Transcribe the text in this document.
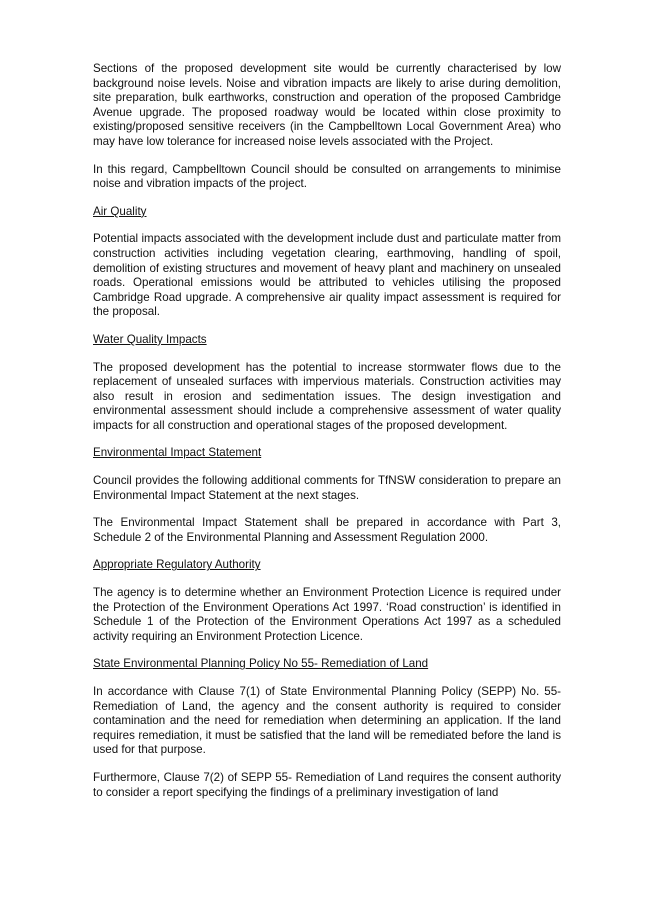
Sections of the proposed development site would be currently characterised by low background noise levels. Noise and vibration impacts are likely to arise during demolition, site preparation, bulk earthworks, construction and operation of the proposed Cambridge Avenue upgrade. The proposed roadway would be located within close proximity to existing/proposed sensitive receivers (in the Campbelltown Local Government Area) who may have low tolerance for increased noise levels associated with the Project.

In this regard, Campbelltown Council should be consulted on arrangements to minimise noise and vibration impacts of the project.

Air Quality

Potential impacts associated with the development include dust and particulate matter from construction activities including vegetation clearing, earthmoving, handling of spoil, demolition of existing structures and movement of heavy plant and machinery on unsealed roads. Operational emissions would be attributed to vehicles utilising the proposed Cambridge Road upgrade. A comprehensive air quality impact assessment is required for the proposal.

Water Quality Impacts

The proposed development has the potential to increase stormwater flows due to the replacement of unsealed surfaces with impervious materials. Construction activities may also result in erosion and sedimentation issues. The design investigation and environmental assessment should include a comprehensive assessment of water quality impacts for all construction and operational stages of the proposed development.

Environmental Impact Statement

Council provides the following additional comments for TfNSW consideration to prepare an Environmental Impact Statement at the next stages.

The Environmental Impact Statement shall be prepared in accordance with Part 3, Schedule 2 of the Environmental Planning and Assessment Regulation 2000.

Appropriate Regulatory Authority

The agency is to determine whether an Environment Protection Licence is required under the Protection of the Environment Operations Act 1997. ‘Road construction’ is identified in Schedule 1 of the Protection of the Environment Operations Act 1997 as a scheduled activity requiring an Environment Protection Licence.

State Environmental Planning Policy No 55- Remediation of Land

In accordance with Clause 7(1) of State Environmental Planning Policy (SEPP) No. 55- Remediation of Land, the agency and the consent authority is required to consider contamination and the need for remediation when determining an application. If the land requires remediation, it must be satisfied that the land will be remediated before the land is used for that purpose.

Furthermore, Clause 7(2) of SEPP 55- Remediation of Land requires the consent authority to consider a report specifying the findings of a preliminary investigation of land
